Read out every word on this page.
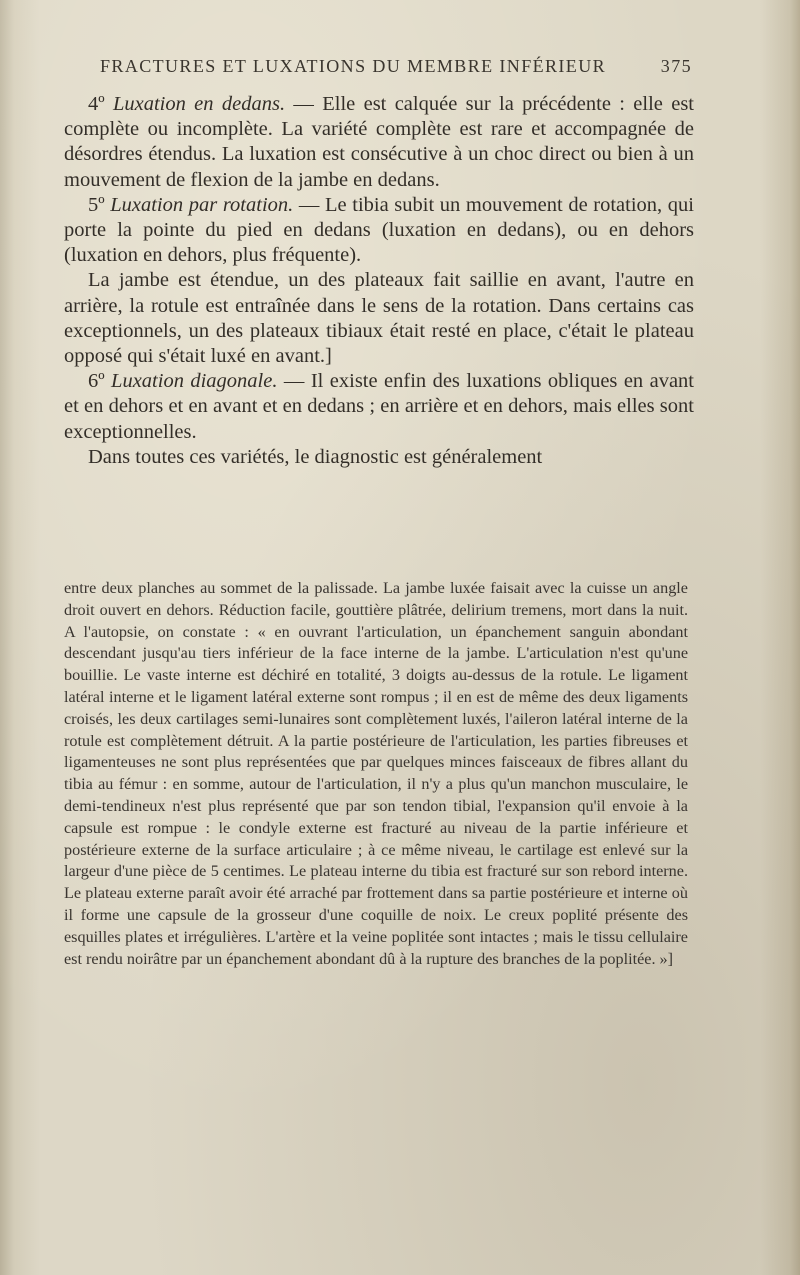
FRACTURES ET LUXATIONS DU MEMBRE INFÉRIEUR	375

4º Luxation en dedans. — Elle est calquée sur la précédente : elle est complète ou incomplète. La variété complète est rare et accompagnée de désordres étendus. La luxation est consécutive à un choc direct ou bien à un mouvement de flexion de la jambe en dedans.

5º Luxation par rotation. — Le tibia subit un mouvement de rotation, qui porte la pointe du pied en dedans (luxation en dedans), ou en dehors (luxation en dehors, plus fréquente).

La jambe est étendue, un des plateaux fait saillie en avant, l'autre en arrière, la rotule est entraînée dans le sens de la rotation. Dans certains cas exceptionnels, un des plateaux tibiaux était resté en place, c'était le plateau opposé qui s'était luxé en avant.]

6º Luxation diagonale. — Il existe enfin des luxations obliques en avant et en dehors et en avant et en dedans ; en arrière et en dehors, mais elles sont exceptionnelles.

Dans toutes ces variétés, le diagnostic est généralement

entre deux planches au sommet de la palissade. La jambe luxée faisait avec la cuisse un angle droit ouvert en dehors. Réduction facile, gouttière plâtrée, delirium tremens, mort dans la nuit. A l'autopsie, on constate : « en ouvrant l'articulation, un épanchement sanguin abondant descendant jusqu'au tiers inférieur de la face interne de la jambe. L'articulation n'est qu'une bouillie. Le vaste interne est déchiré en totalité, 3 doigts au-dessus de la rotule. Le ligament latéral interne et le ligament latéral externe sont rompus ; il en est de même des deux ligaments croisés, les deux cartilages semi-lunaires sont complètement luxés, l'aileron latéral interne de la rotule est complètement détruit. A la partie postérieure de l'articulation, les parties fibreuses et ligamenteuses ne sont plus représentées que par quelques minces faisceaux de fibres allant du tibia au fémur : en somme, autour de l'articulation, il n'y a plus qu'un manchon musculaire, le demi-tendineux n'est plus représenté que par son tendon tibial, l'expansion qu'il envoie à la capsule est rompue : le condyle externe est fracturé au niveau de la partie inférieure et postérieure externe de la surface articulaire ; à ce même niveau, le cartilage est enlevé sur la largeur d'une pièce de 5 centimes. Le plateau interne du tibia est fracturé sur son rebord interne. Le plateau externe paraît avoir été arraché par frottement dans sa partie postérieure et interne où il forme une capsule de la grosseur d'une coquille de noix. Le creux poplité présente des esquilles plates et irrégulières. L'artère et la veine poplitée sont intactes ; mais le tissu cellulaire est rendu noirâtre par un épanchement abondant dû à la rupture des branches de la poplitée. »]
